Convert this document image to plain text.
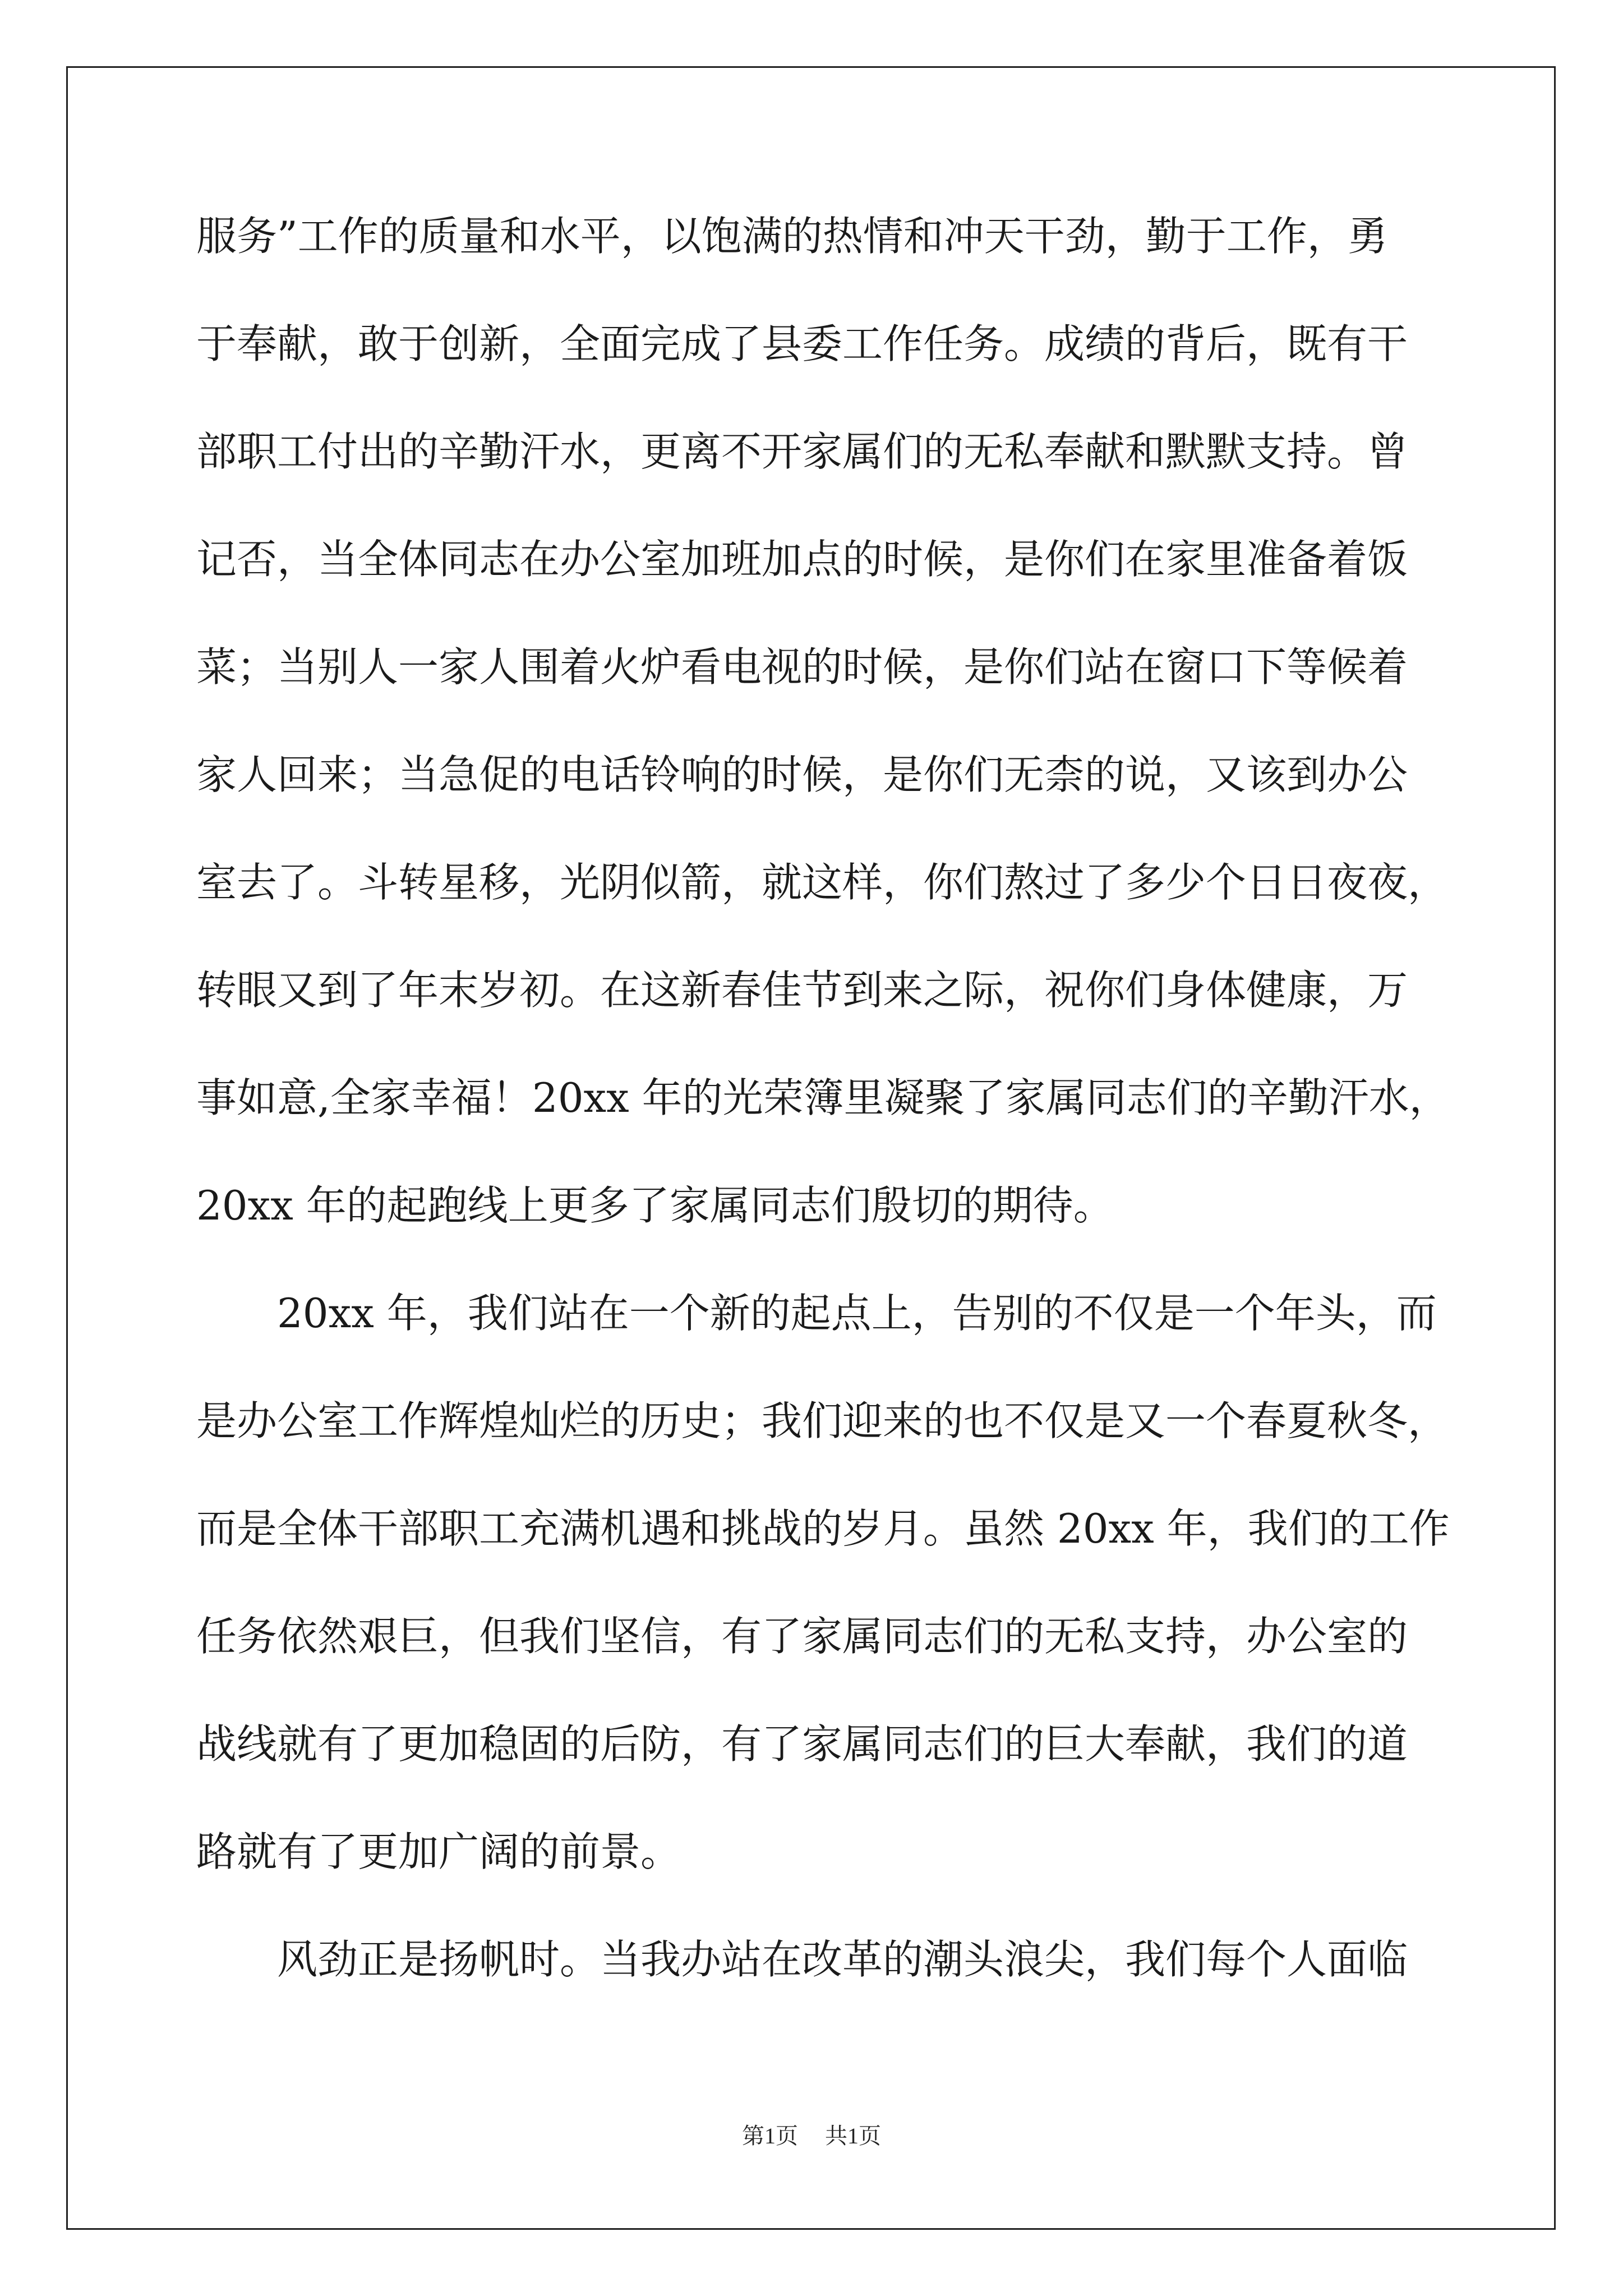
服务”工作的质量和水平，以饱满的热情和冲天干劲，勤于工作，勇
于奉献，敢于创新，全面完成了县委工作任务。成绩的背后，既有干
部职工付出的辛勤汗水，更离不开家属们的无私奉献和默默支持。曾
记否，当全体同志在办公室加班加点的时候，是你们在家里准备着饭
菜；当别人一家人围着火炉看电视的时候，是你们站在窗口下等候着
家人回来；当急促的电话铃响的时候，是你们无柰的说，又该到办公
室去了。斗转星移，光阴似箭，就这样，你们熬过了多少个日日夜夜，
转眼又到了年末岁初。在这新春佳节到来之际，祝你们身体健康，万
事如意,全家幸福！20xx 年的光荣簿里凝聚了家属同志们的辛勤汗水，
20xx 年的起跑线上更多了家属同志们殷切的期待。
20xx 年，我们站在一个新的起点上，告别的不仅是一个年头，而
是办公室工作辉煌灿烂的历史；我们迎来的也不仅是又一个春夏秋冬，
而是全体干部职工充满机遇和挑战的岁月。虽然 20xx 年，我们的工作
任务依然艰巨，但我们坚信，有了家属同志们的无私支持，办公室的
战线就有了更加稳固的后防，有了家属同志们的巨大奉献，我们的道
路就有了更加广阔的前景。
风劲正是扬帆时。当我办站在改革的潮头浪尖，我们每个人面临
第1页 共1页
